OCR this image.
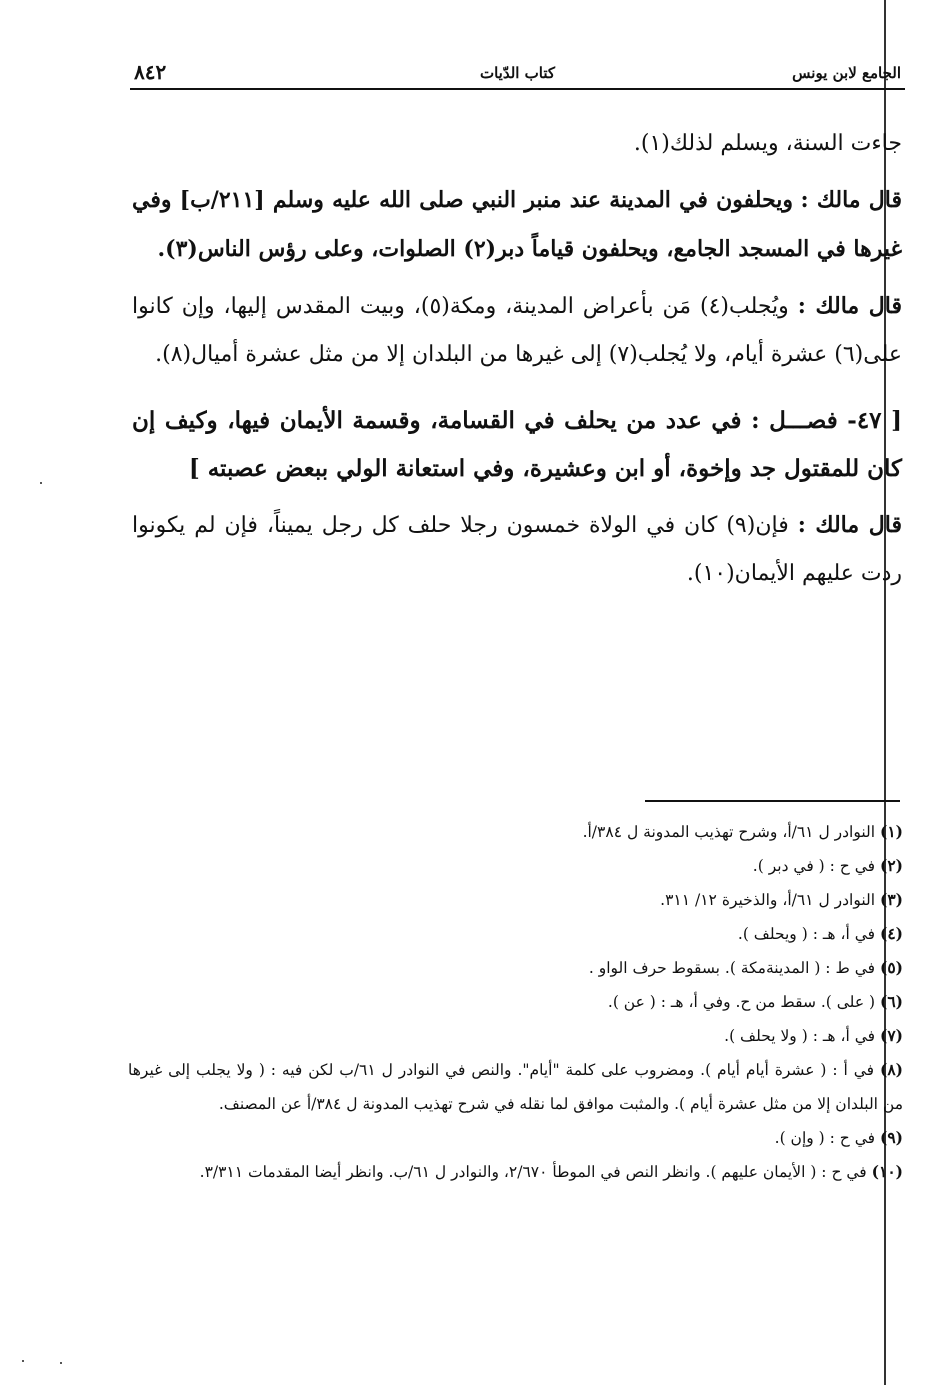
الجامع لابن يونس
كتاب الدّيات
٨٤٢

جاءت السنة، ويسلم لذلك(١).

قال مالك : ويحلفون في المدينة عند منبر النبي صلى الله عليه وسلم [٢١١/ب] وفي غيرها في المسجد الجامع، ويحلفون قياماً دبر(٢) الصلوات، وعلى رؤس الناس(٣).

قال مالك : ويُجلب(٤) مَن بأعراض المدينة، ومكة(٥)، وبيت المقدس إليها، وإن كانوا على(٦) عشرة أيام، ولا يُجلب(٧) إلى غيرها من البلدان إلا من مثل عشرة أميال(٨).

[ ٤٧- فصـــل : في عدد من يحلف في القسامة، وقسمة الأيمان فيها، وكيف إن كان للمقتول جد وإخوة، أو ابن وعشيرة، وفي استعانة الولي ببعض عصبته ]

قال مالك : فإن(٩) كان في الولاة خمسون رجلا حلف كل رجل يميناً، فإن لم يكونوا ردت عليهم الأيمان(١٠).

(١) النوادر ل ٦١/أ، وشرح تهذيب المدونة ل ٣٨٤/أ.
(٢) في ح : ( في دبر ).
(٣) النوادر ل ٦١/أ، والذخيرة ١٢/ ٣١١.
(٤) في أ، هـ : ( ويحلف ).
(٥) في ط : ( المدينةمكة ). بسقوط حرف الواو .
(٦) ( على ). سقط من ح. وفي أ، هـ : ( عن ).
(٧) في أ، هـ : ( ولا يحلف ).
(٨) في أ : ( عشرة أيام أيام ). ومضروب على كلمة "أيام". والنص في النوادر ل ٦١/ب لكن فيه : ( ولا يجلب إلى غيرها من البلدان إلا من مثل عشرة أيام ). والمثبت موافق لما نقله في شرح تهذيب المدونة ل ٣٨٤/أ عن المصنف.
(٩) في ح : ( وإن ).
(١٠) في ح : ( الأيمان عليهم ). وانظر النص في الموطأ ٢/٦٧٠، والنوادر ل ٦١/ب. وانظر أيضا المقدمات ٣/٣١١.
